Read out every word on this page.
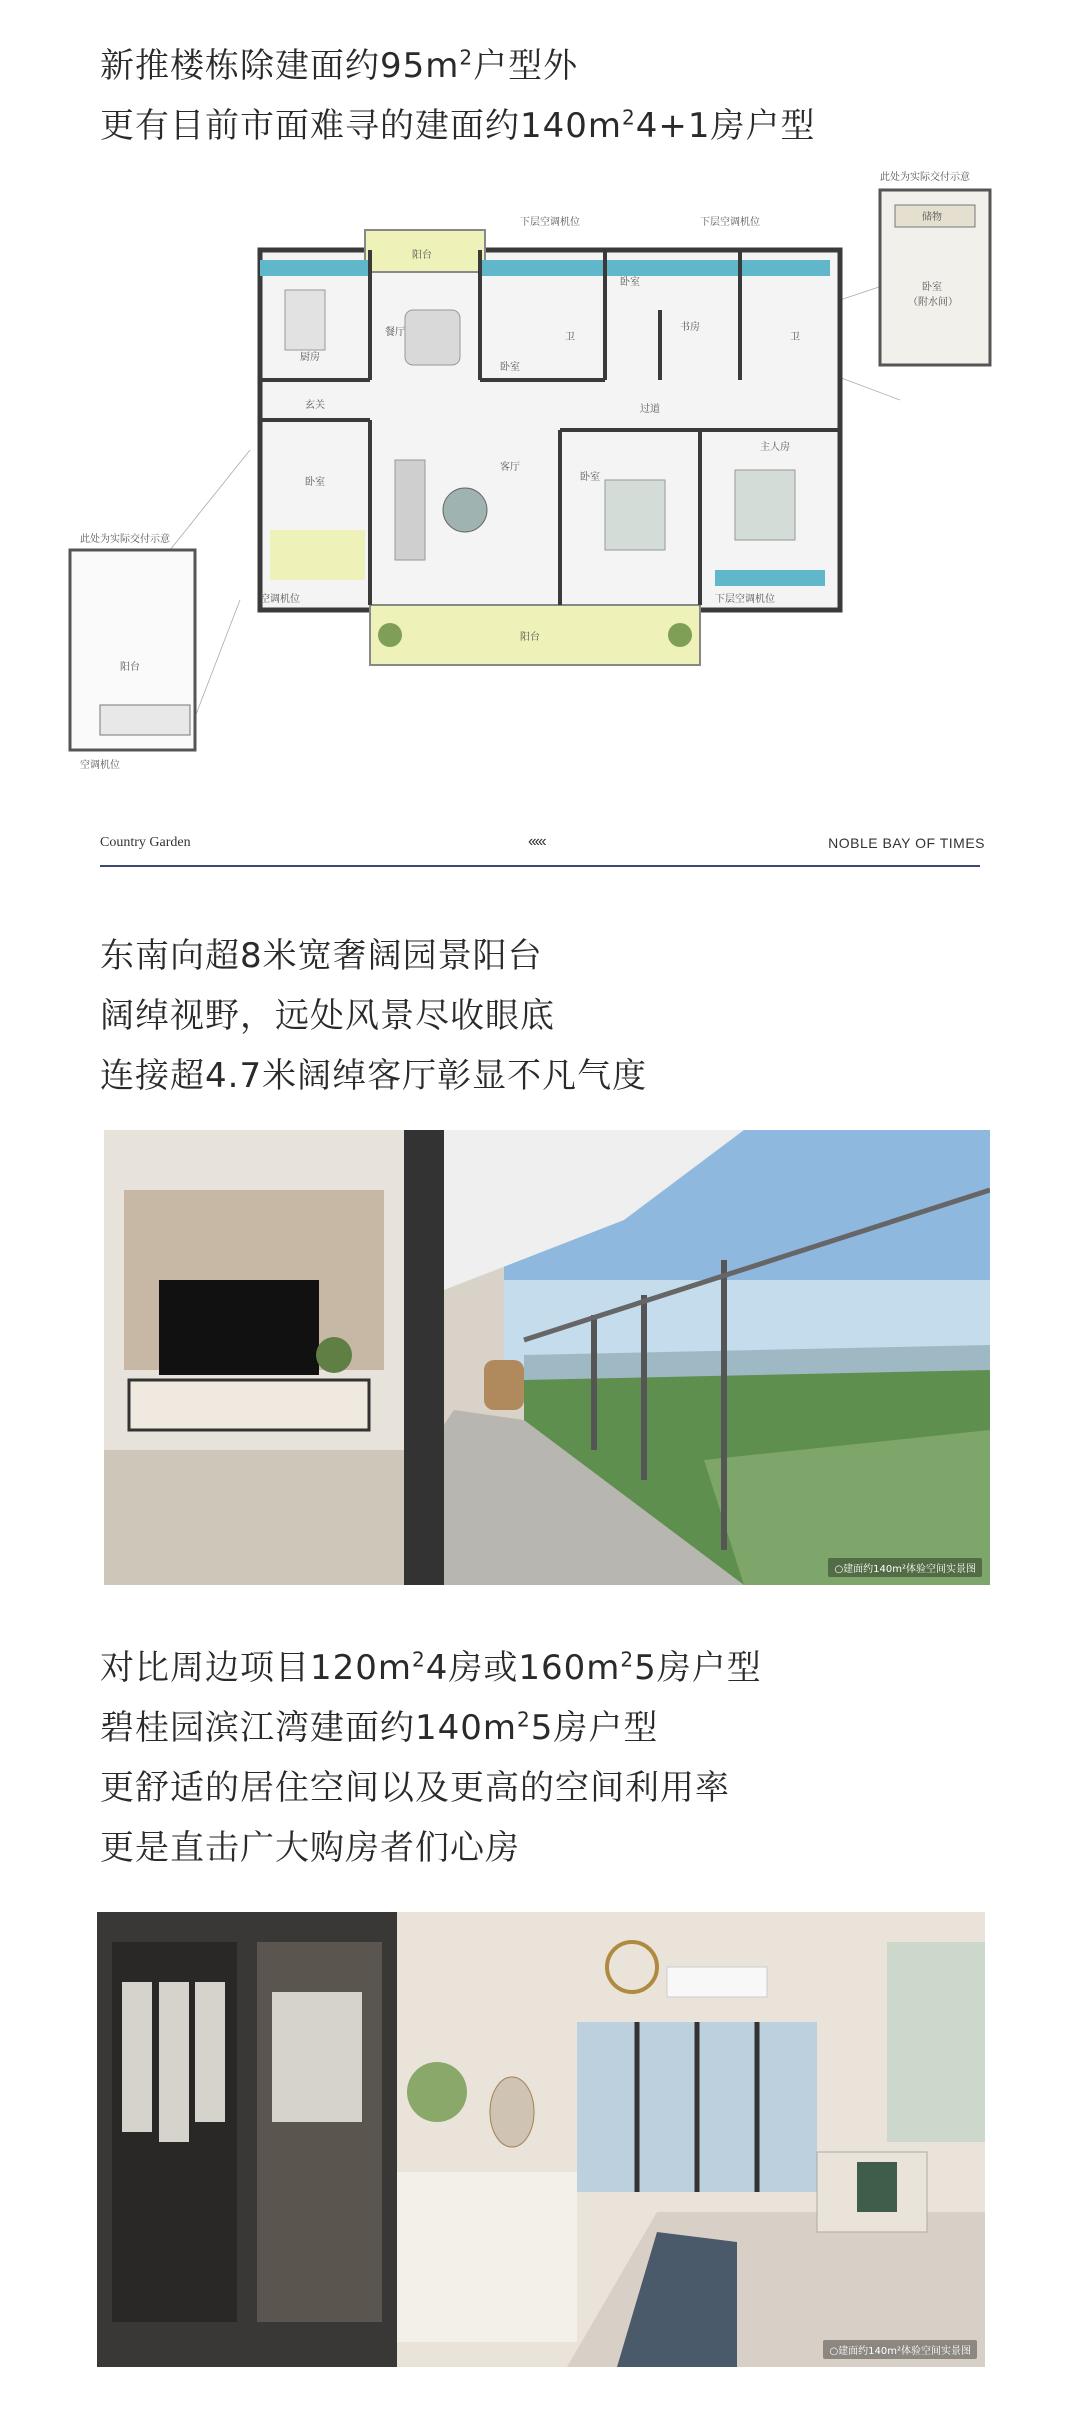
新推楼栋除建面约$95m^2$户型外
更有目前市面难寻的建面约$140m^24+1$房户型
阳台
厨房
餐厅
玄关
卧室
卧室
卧室
书房
卫	卫
客厅
卧室
主人房
过道
阳台
下层空调机位	下层空调机位
空调机位	下层空调机位
此处为实际交付示意
阳台
空调机位
此处为实际交付示意
储物
卧室
（附水间）
Country Garden	‹‹‹‹‹	NOBLE BAY OF TIMES
东南向超8米宽奢阔园景阳台
阔绰视野，远处风景尽收眼底
连接超4.7米阔绰客厅彰显不凡气度
○建面约140m²体验空间实景图
对比周边项目$120m^24$房或$160m^25$房户型
碧桂园滨江湾建面约$140m^25$房户型
更舒适的居住空间以及更高的空间利用率
更是直击广大购房者们心房
○建面约140m²体验空间实景图
